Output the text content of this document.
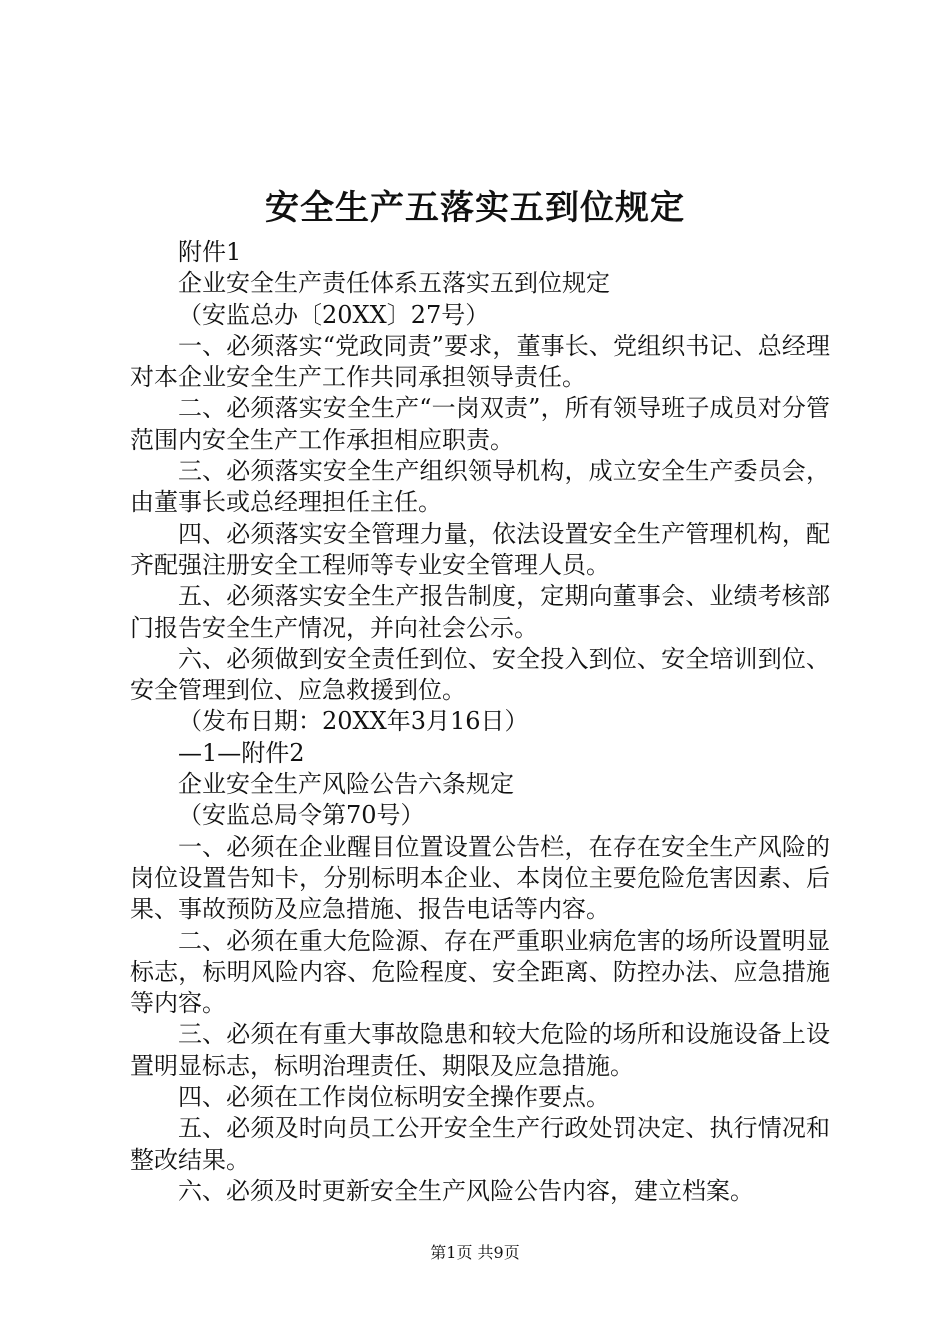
安全生产五落实五到位规定

附件1

企业安全生产责任体系五落实五到位规定

（安监总办〔20XX〕27号）

一、必须落实“党政同责”要求，董事长、党组织书记、总经理对本企业安全生产工作共同承担领导责任。

二、必须落实安全生产“一岗双责”，所有领导班子成员对分管范围内安全生产工作承担相应职责。

三、必须落实安全生产组织领导机构，成立安全生产委员会，由董事长或总经理担任主任。

四、必须落实安全管理力量，依法设置安全生产管理机构，配齐配强注册安全工程师等专业安全管理人员。

五、必须落实安全生产报告制度，定期向董事会、业绩考核部门报告安全生产情况，并向社会公示。

六、必须做到安全责任到位、安全投入到位、安全培训到位、安全管理到位、应急救援到位。

（发布日期：20XX年3月16日）

—1—附件2

企业安全生产风险公告六条规定

（安监总局令第70号）

一、必须在企业醒目位置设置公告栏，在存在安全生产风险的岗位设置告知卡，分别标明本企业、本岗位主要危险危害因素、后果、事故预防及应急措施、报告电话等内容。

二、必须在重大危险源、存在严重职业病危害的场所设置明显标志，标明风险内容、危险程度、安全距离、防控办法、应急措施等内容。

三、必须在有重大事故隐患和较大危险的场所和设施设备上设置明显标志，标明治理责任、期限及应急措施。

四、必须在工作岗位标明安全操作要点。

五、必须及时向员工公开安全生产行政处罚决定、执行情况和整改结果。

六、必须及时更新安全生产风险公告内容，建立档案。

第1页 共9页
